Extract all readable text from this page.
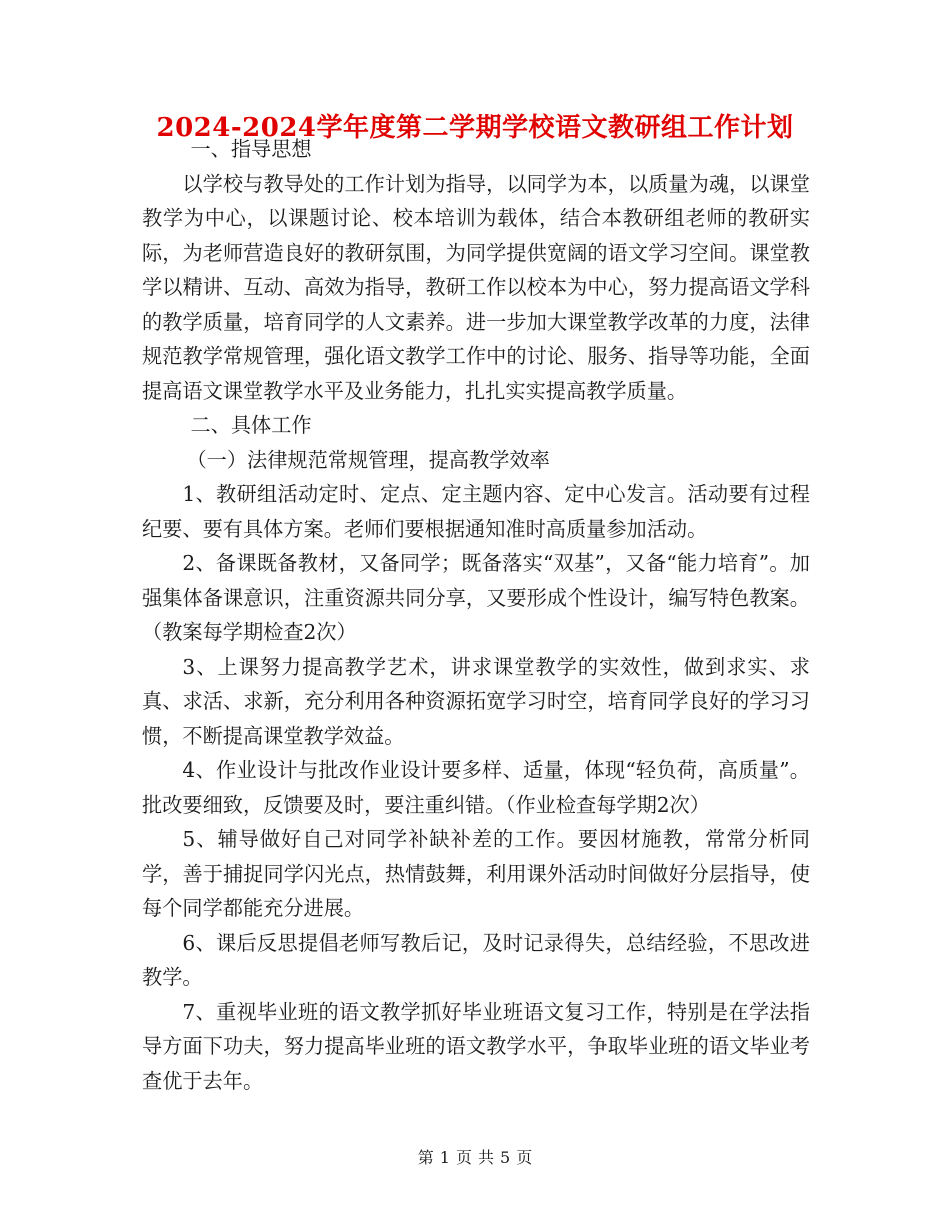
2024-2024学年度第二学期学校语文教研组工作计划

一、指导思想

以学校与教导处的工作计划为指导，以同学为本，以质量为魂，以课堂教学为中心，以课题讨论、校本培训为载体，结合本教研组老师的教研实际，为老师营造良好的教研氛围，为同学提供宽阔的语文学习空间。课堂教学以精讲、互动、高效为指导，教研工作以校本为中心，努力提高语文学科的教学质量，培育同学的人文素养。进一步加大课堂教学改革的力度，法律规范教学常规管理，强化语文教学工作中的讨论、服务、指导等功能，全面提高语文课堂教学水平及业务能力，扎扎实实提高教学质量。

二、具体工作

（一）法律规范常规管理，提高教学效率

1、教研组活动定时、定点、定主题内容、定中心发言。活动要有过程纪要、要有具体方案。老师们要根据通知准时高质量参加活动。

2、备课既备教材，又备同学；既备落实“双基”，又备“能力培育”。加强集体备课意识，注重资源共同分享，又要形成个性设计，编写特色教案。（教案每学期检查2次）

3、上课努力提高教学艺术，讲求课堂教学的实效性，做到求实、求真、求活、求新，充分利用各种资源拓宽学习时空，培育同学良好的学习习惯，不断提高课堂教学效益。

4、作业设计与批改作业设计要多样、适量，体现“轻负荷，高质量”。批改要细致，反馈要及时，要注重纠错。（作业检查每学期2次）

5、辅导做好自己对同学补缺补差的工作。要因材施教，常常分析同学，善于捕捉同学闪光点，热情鼓舞，利用课外活动时间做好分层指导，使每个同学都能充分进展。

6、课后反思提倡老师写教后记，及时记录得失，总结经验，不思改进教学。

7、重视毕业班的语文教学抓好毕业班语文复习工作，特别是在学法指导方面下功夫，努力提高毕业班的语文教学水平，争取毕业班的语文毕业考查优于去年。

第 1 页 共 5 页
